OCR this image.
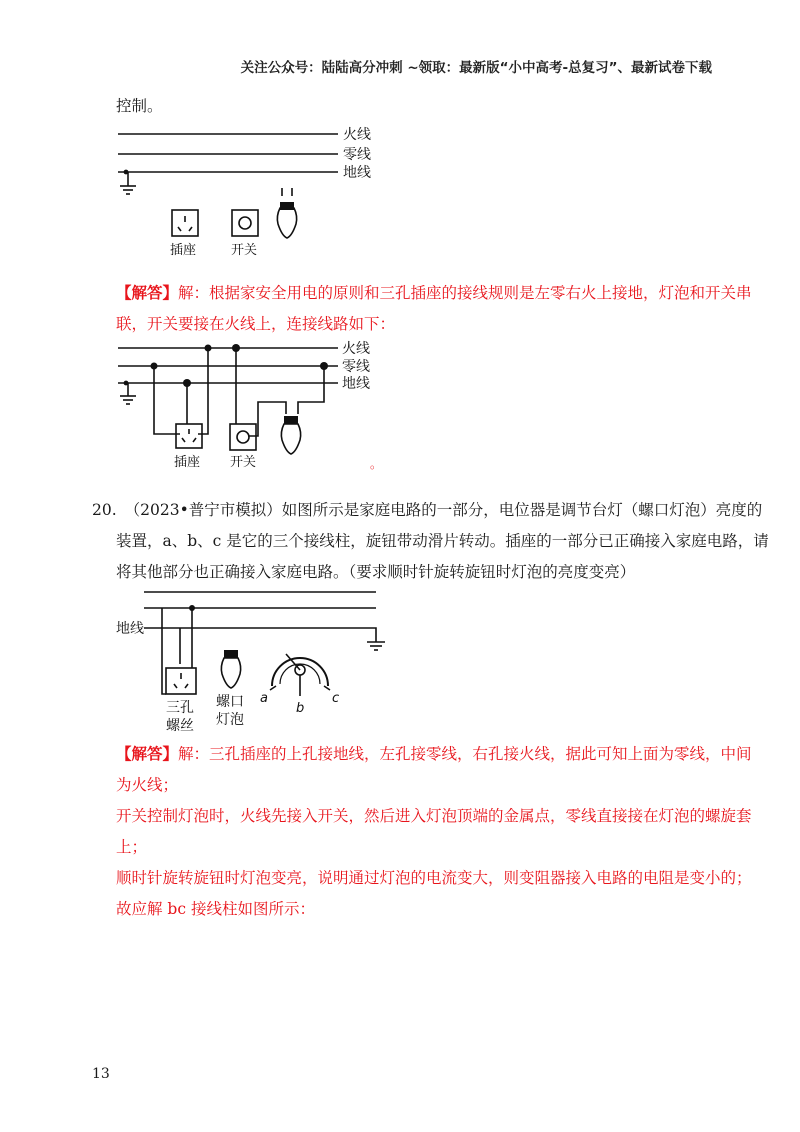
关注公众号：陆陆高分冲刺 ~领取：最新版“小中高考-总复习”、最新试卷下载
控制。
火线
零线
地线
插座	开关
【解答】解：根据家安全用电的原则和三孔插座的接线规则是左零右火上接地，灯泡和开关串
联，开关要接在火线上，连接线路如下：
火线
零线
地线
插座 开关	。
20. （2023•普宁市模拟）如图所示是家庭电路的一部分，电位器是调节台灯（螺口灯泡）亮度的
装置，a、b、c 是它的三个接线柱，旋钮带动滑片转动。插座的一部分已正确接入家庭电路，请
将其他部分也正确接入家庭电路。（要求顺时针旋转旋钮时灯泡的亮度变亮）
地线
三孔
螺丝
螺口
灯泡
a
b
c
【解答】解：三孔插座的上孔接地线，左孔接零线，右孔接火线，据此可知上面为零线，中间
为火线；
开关控制灯泡时，火线先接入开关，然后进入灯泡顶端的金属点，零线直接接在灯泡的螺旋套
上；
顺时针旋转旋钮时灯泡变亮，说明通过灯泡的电流变大，则变阻器接入电路的电阻是变小的；
故应解 bc 接线柱如图所示：
13
